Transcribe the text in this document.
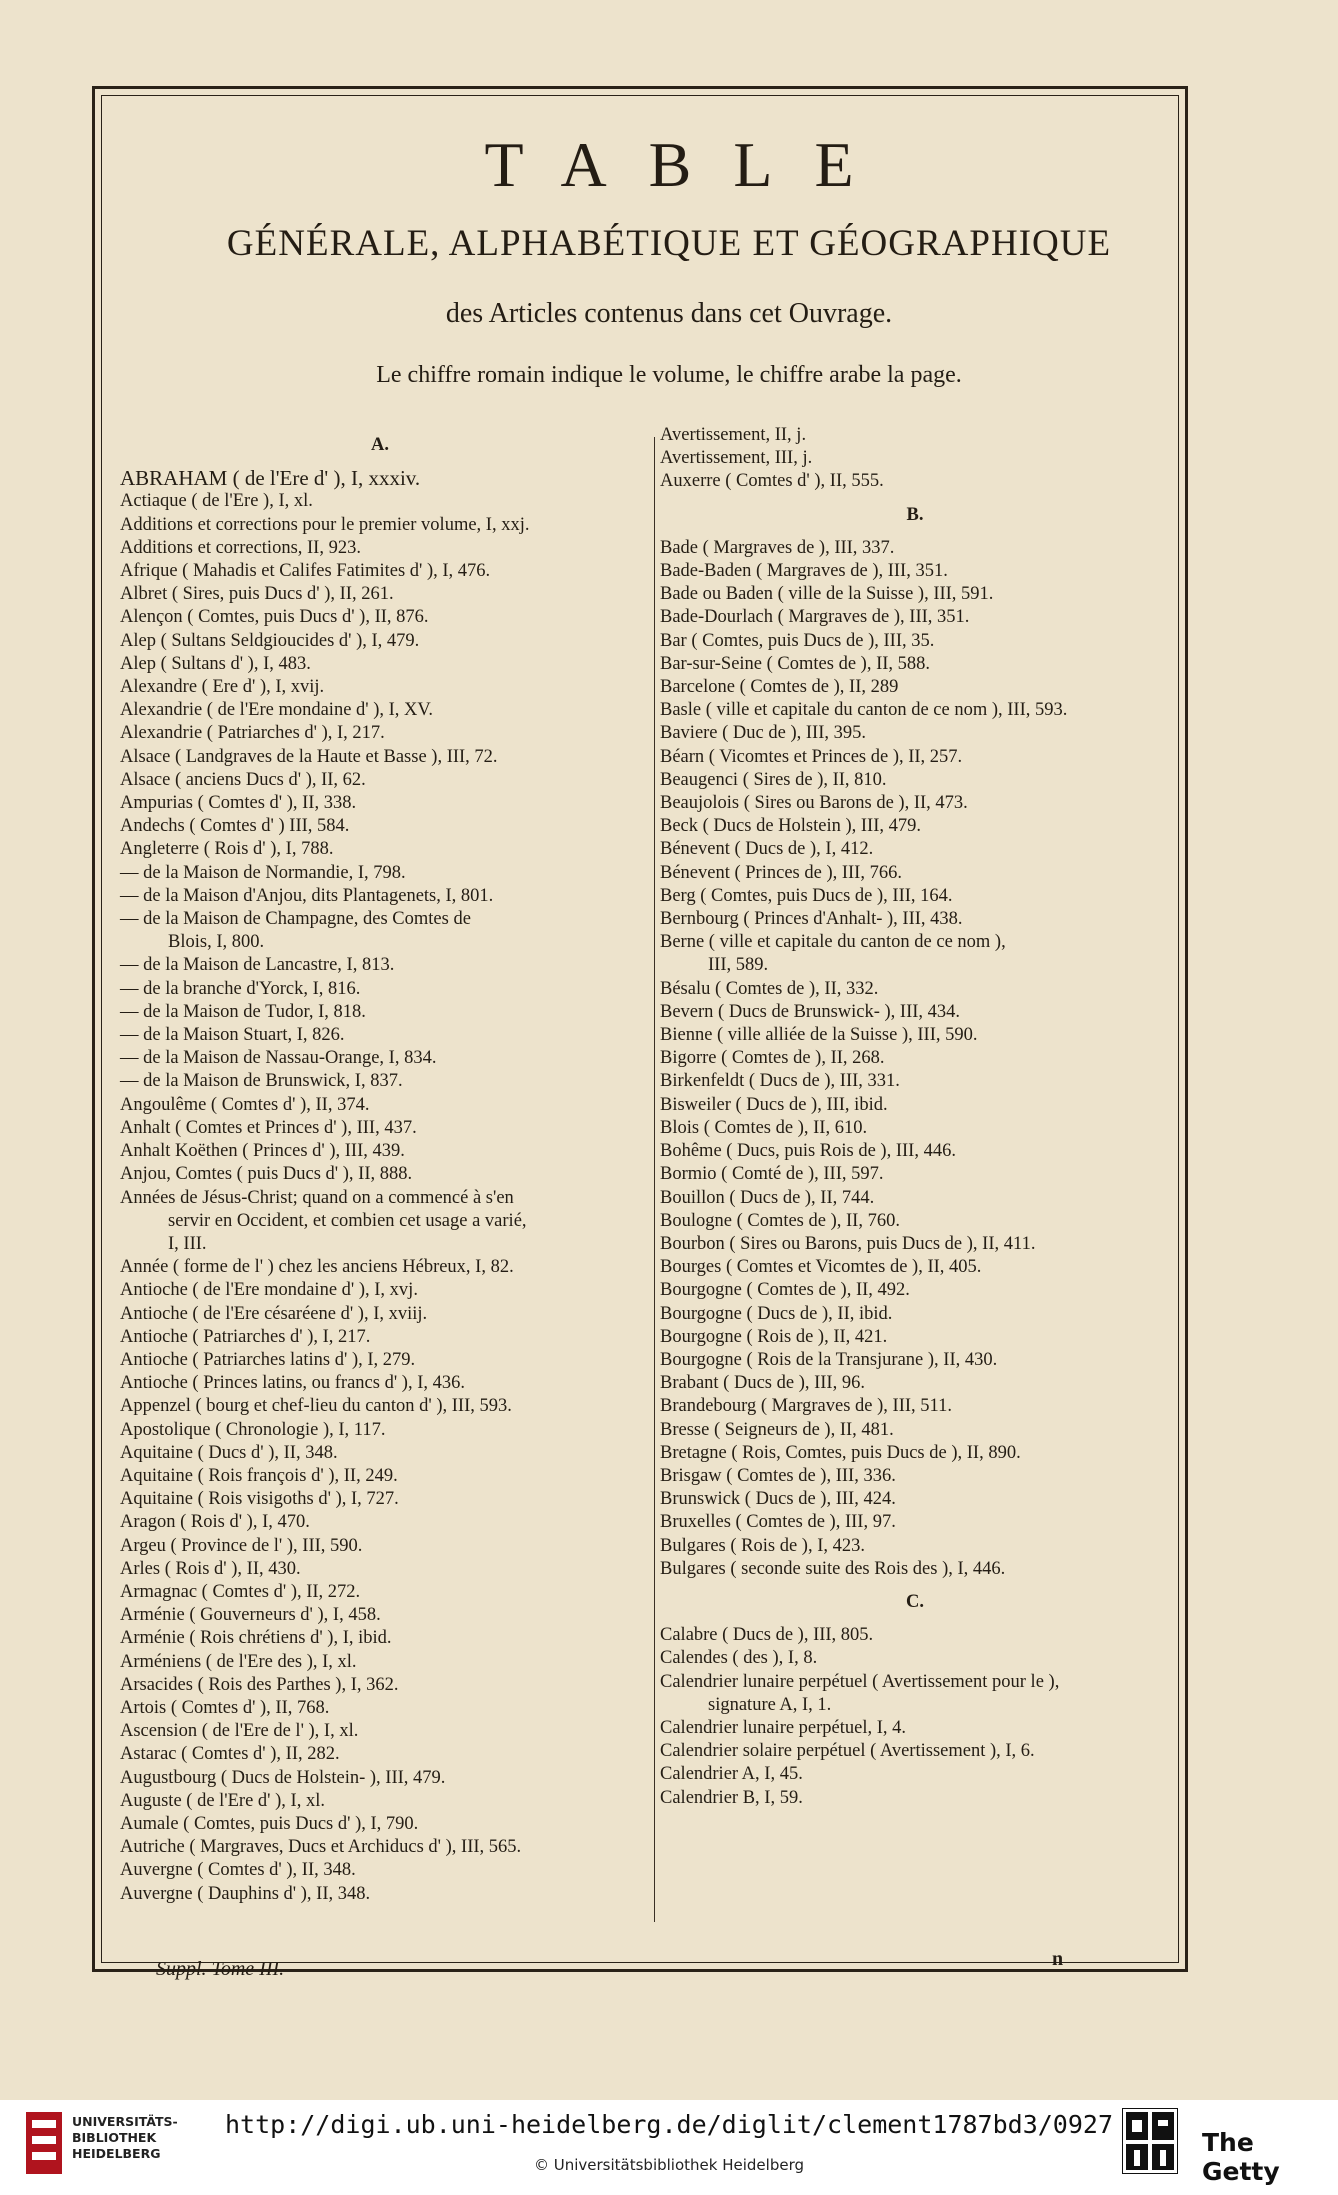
TABLE
GÉNÉRALE, ALPHABÉTIQUE ET GÉOGRAPHIQUE
des Articles contenus dans cet Ouvrage.
Le chiffre romain indique le volume, le chiffre arabe la page.
A.
ABRAHAM ( de l'Ere d' ), I, xxxiv.
Actiaque ( de l'Ere ), I, xl.
Additions et corrections pour le premier volume, I, xxj.
Additions et corrections, II, 923.
Afrique ( Mahadis et Califes Fatimites d' ), I, 476.
Albret ( Sires, puis Ducs d' ), II, 261.
Alençon ( Comtes, puis Ducs d' ), II, 876.
Alep ( Sultans Seldgioucides d' ), I, 479.
Alep ( Sultans d' ), I, 483.
Alexandre ( Ere d' ), I, xvij.
Alexandrie ( de l'Ere mondaine d' ), I, XV.
Alexandrie ( Patriarches d' ), I, 217.
Alsace ( Landgraves de la Haute et Basse ), III, 72.
Alsace ( anciens Ducs d' ), II, 62.
Ampurias ( Comtes d' ), II, 338.
Andechs ( Comtes d' ) III, 584.
Angleterre ( Rois d' ), I, 788.
— de la Maison de Normandie, I, 798.
— de la Maison d'Anjou, dits Plantagenets, I, 801.
— de la Maison de Champagne, des Comtes de
Blois, I, 800.
— de la Maison de Lancastre, I, 813.
— de la branche d'Yorck, I, 816.
— de la Maison de Tudor, I, 818.
— de la Maison Stuart, I, 826.
— de la Maison de Nassau-Orange, I, 834.
— de la Maison de Brunswick, I, 837.
Angoulême ( Comtes d' ), II, 374.
Anhalt ( Comtes et Princes d' ), III, 437.
Anhalt Koëthen ( Princes d' ), III, 439.
Anjou, Comtes ( puis Ducs d' ), II, 888.
Années de Jésus-Christ; quand on a commencé à s'en
servir en Occident, et combien cet usage a varié,
I, III.
Année ( forme de l' ) chez les anciens Hébreux, I, 82.
Antioche ( de l'Ere mondaine d' ), I, xvj.
Antioche ( de l'Ere césaréene d' ), I, xviij.
Antioche ( Patriarches d' ), I, 217.
Antioche ( Patriarches latins d' ), I, 279.
Antioche ( Princes latins, ou francs d' ), I, 436.
Appenzel ( bourg et chef-lieu du canton d' ), III, 593.
Apostolique ( Chronologie ), I, 117.
Aquitaine ( Ducs d' ), II, 348.
Aquitaine ( Rois françois d' ), II, 249.
Aquitaine ( Rois visigoths d' ), I, 727.
Aragon ( Rois d' ), I, 470.
Argeu ( Province de l' ), III, 590.
Arles ( Rois d' ), II, 430.
Armagnac ( Comtes d' ), II, 272.
Arménie ( Gouverneurs d' ), I, 458.
Arménie ( Rois chrétiens d' ), I, ibid.
Arméniens ( de l'Ere des ), I, xl.
Arsacides ( Rois des Parthes ), I, 362.
Artois ( Comtes d' ), II, 768.
Ascension ( de l'Ere de l' ), I, xl.
Astarac ( Comtes d' ), II, 282.
Augustbourg ( Ducs de Holstein- ), III, 479.
Auguste ( de l'Ere d' ), I, xl.
Aumale ( Comtes, puis Ducs d' ), I, 790.
Autriche ( Margraves, Ducs et Archiducs d' ), III, 565.
Auvergne ( Comtes d' ), II, 348.
Auvergne ( Dauphins d' ), II, 348.
Avertissement, II, j.
Avertissement, III, j.
Auxerre ( Comtes d' ), II, 555.
B.
Bade ( Margraves de ), III, 337.
Bade-Baden ( Margraves de ), III, 351.
Bade ou Baden ( ville de la Suisse ), III, 591.
Bade-Dourlach ( Margraves de ), III, 351.
Bar ( Comtes, puis Ducs de ), III, 35.
Bar-sur-Seine ( Comtes de ), II, 588.
Barcelone ( Comtes de ), II, 289
Basle ( ville et capitale du canton de ce nom ), III, 593.
Baviere ( Duc de ), III, 395.
Béarn ( Vicomtes et Princes de ), II, 257.
Beaugenci ( Sires de ), II, 810.
Beaujolois ( Sires ou Barons de ), II, 473.
Beck ( Ducs de Holstein ), III, 479.
Bénevent ( Ducs de ), I, 412.
Bénevent ( Princes de ), III, 766.
Berg ( Comtes, puis Ducs de ), III, 164.
Bernbourg ( Princes d'Anhalt- ), III, 438.
Berne ( ville et capitale du canton de ce nom ),
III, 589.
Bésalu ( Comtes de ), II, 332.
Bevern ( Ducs de Brunswick- ), III, 434.
Bienne ( ville alliée de la Suisse ), III, 590.
Bigorre ( Comtes de ), II, 268.
Birkenfeldt ( Ducs de ), III, 331.
Bisweiler ( Ducs de ), III, ibid.
Blois ( Comtes de ), II, 610.
Bohême ( Ducs, puis Rois de ), III, 446.
Bormio ( Comté de ), III, 597.
Bouillon ( Ducs de ), II, 744.
Boulogne ( Comtes de ), II, 760.
Bourbon ( Sires ou Barons, puis Ducs de ), II, 411.
Bourges ( Comtes et Vicomtes de ), II, 405.
Bourgogne ( Comtes de ), II, 492.
Bourgogne ( Ducs de ), II, ibid.
Bourgogne ( Rois de ), II, 421.
Bourgogne ( Rois de la Transjurane ), II, 430.
Brabant ( Ducs de ), III, 96.
Brandebourg ( Margraves de ), III, 511.
Bresse ( Seigneurs de ), II, 481.
Bretagne ( Rois, Comtes, puis Ducs de ), II, 890.
Brisgaw ( Comtes de ), III, 336.
Brunswick ( Ducs de ), III, 424.
Bruxelles ( Comtes de ), III, 97.
Bulgares ( Rois de ), I, 423.
Bulgares ( seconde suite des Rois des ), I, 446.
C.
Calabre ( Ducs de ), III, 805.
Calendes ( des ), I, 8.
Calendrier lunaire perpétuel ( Avertissement pour le ),
signature A, I, 1.
Calendrier lunaire perpétuel, I, 4.
Calendrier solaire perpétuel ( Avertissement ), I, 6.
Calendrier A, I, 45.
Calendrier B, I, 59.
Suppl. Tome III.	n
UNIVERSITÄTS-
BIBLIOTHEK
HEIDELBERG
http://digi.ub.uni-heidelberg.de/diglit/clement1787bd3/0927
© Universitätsbibliothek Heidelberg
The Getty
